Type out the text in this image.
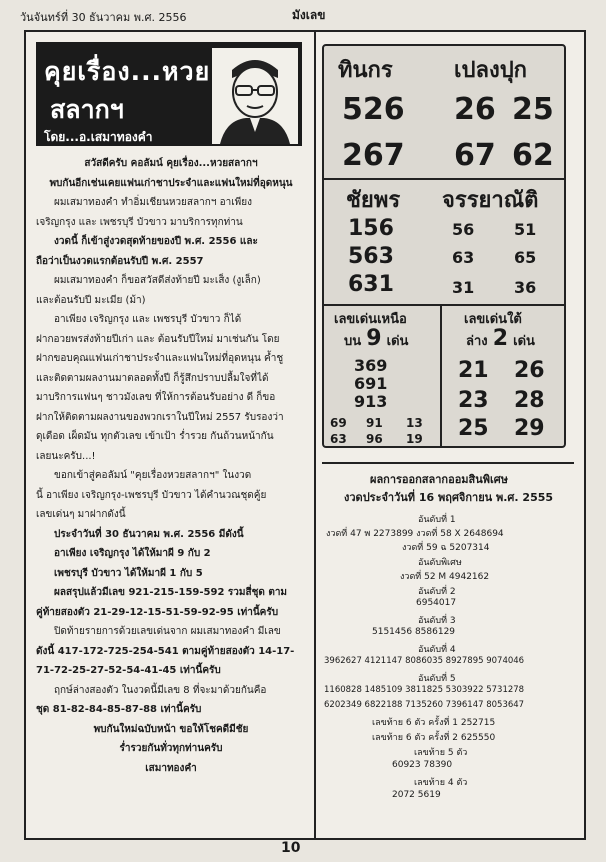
วันจันทร์ที่ 30 ธันวาคม พ.ศ. 2556	มังเลข
คุยเรื่อง...หวย
สลากฯ
โดย...อ.เสมาทองคำ

สวัสดีครับ คอลัมน์ คุยเรื่อง...หวยสลากฯ

พบกันอีกเช่นเคยแฟนเก่าชาประจำและแฟนใหม่ที่อุดหนุน

ผมเสมาทองคำ ทำอิ่มเชียนหวยสลากฯ อาเพียง

เจริญกรุง และ เพชรบุรี บัวขาว มาบริการทุกท่าน

งวดนี้ ก็เข้าสู่งวดสุดท้ายของปี พ.ศ. 2556 และ

ถือว่าเป็นงวดแรกต้อนรับปี พ.ศ. 2557

ผมเสมาทองคำ ก็ขอสวัสดีส่งท้ายปี มะเส็ง (งูเล็ก)

และต้อนรับปี มะเมีย (ม้า)

อาเพียง เจริญกรุง และ เพชรบุรี บัวขาว ก็ได้

ฝากอวยพรส่งท้ายปีเก่า และ ต้อนรับปีใหม่ มาเช่นกัน โดย

ฝากขอบคุณแฟนเก่าชาประจำและแฟนใหม่ที่อุดหนุน ค้ำชู

และติดตามผลงานมาตลอดทั้งปี ก็รู้สึกปราบปลื้มใจที่ได้

มาบริการแฟนๆ ชาวมังเลข ที่ให้การต้อนรับอย่าง ดี ก็ขอ

ฝากให้ติดตามผลงานของพวกเราในปีใหม่ 2557 รับรองว่า

ดุเดือด เผ็ดมัน ทุกตัวเลข เข้าเป้า ร่ำรวย กันถ้วนหน้ากัน

เลยนะครับ...!

ขอกเข้าสู่คอลัมน์ "คุยเรื่องหวยสลากฯ" ในงวด

นี้ อาเพียง เจริญกรุง-เพชรบุรี บัวขาว ได้คำนวณชุดคู้ย

เลขเด่นๆ มาฝากดังนี้

ประจำวันที่ 30 ธันวาคม พ.ศ. 2556 มีดังนี้

อาเพียง เจริญกรุง ได้ให้มาผี 9 กับ 2

เพชรบุรี บัวขาว ได้ให้มาผี 1 กับ 5

ผลสรุปแล้วมีเลข 921-215-159-592 รวมสี่ชุด ตาม

คู่ท้ายสองตัว 21-29-12-15-51-59-92-95 เท่านี้ครับ

ปิดท้ายรายการด้วยเลขเด่นจาก ผมเสมาทองคำ มีเลข

ดังนี้ 417-172-725-254-541 ตามคู่ท้ายสองตัว 14-17-

71-72-25-27-52-54-41-45 เท่านี้ครับ

ฤกษ์ล่างสองตัว ในงวดนี้มีเลข 8 ที่จะมาด้วยกันคือ

ชุด 81-82-84-85-87-88 เท่านี้ครับ

พบกันใหม่ฉบับหน้า ขอให้โชคดีมีชัย

ร่ำรวยกันทั่วทุกท่านครับ

เสมาทองคำ

ทินกร	เปลงปุก
526 26 25
267 67 62
ชัยพร จรรยาณัติ
156
563
631
56 51
63 65
31 36
เลขเด่นเหนือ
บน 9 เด่น
369
691
913
69 91 13
63 96 19
เลขเด่นใต้
ล่าง 2 เด่น
21 26
23 28
25 29
ผลการออกสลากออมสินพิเศษ
งวดประจำวันที่ 16 พฤศจิกายน พ.ศ. 2555
อันดับที่ 1
งวดที่ 47 พ 2273899 งวดที่ 58 X 2648694
งวดที่ 59 ฉ 5207314
อันดับพิเศษ
งวดที่ 52 M 4942162
อันดับที่ 2
6954017
อันดับที่ 3
5151456 8586129
อันดับที่ 4
3962627 4121147 8086035 8927895 9074046
อันดับที่ 5
1160828 1485109 3811825 5303922 5731278
6202349 6822188 7135260 7396147 8053647
เลขท้าย 6 ตัว ครั้งที่ 1 252715
เลขท้าย 6 ตัว ครั้งที่ 2 625550
เลขท้าย 5 ตัว
60923 78390
เลขท้าย 4 ตัว
2072 5619
10
